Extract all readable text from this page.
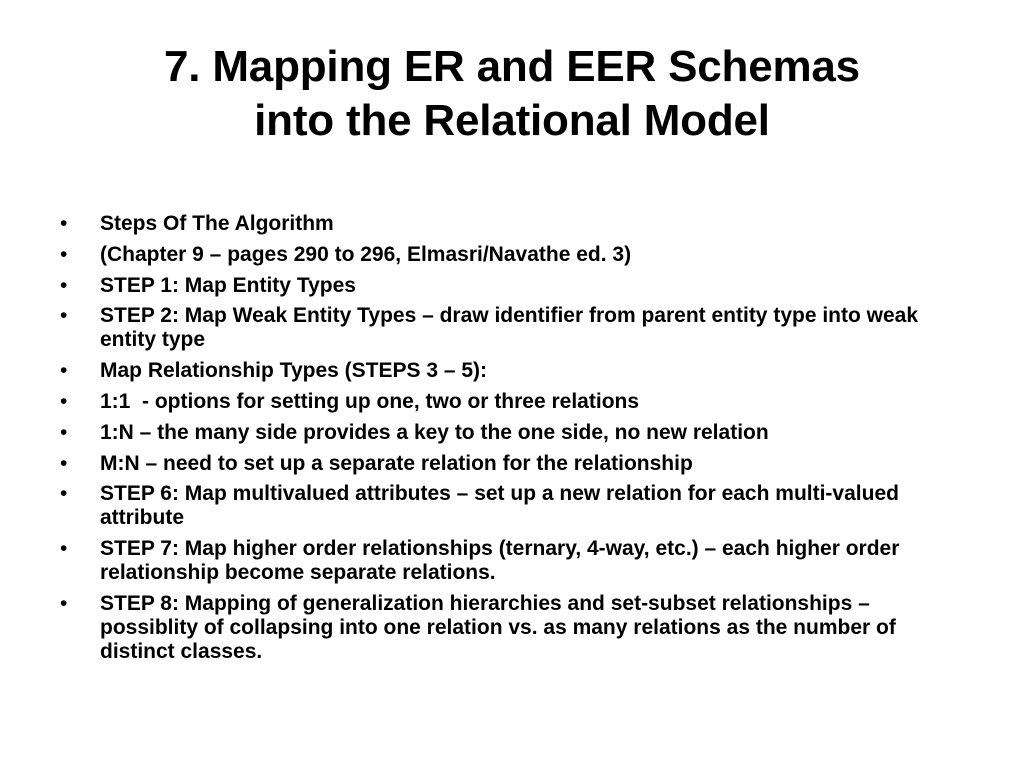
7. Mapping ER and EER Schemas
into the Relational Model
• Steps Of The Algorithm
• (Chapter 9 – pages 290 to 296, Elmasri/Navathe ed. 3)
• STEP 1: Map Entity Types
• STEP 2: Map Weak Entity Types – draw identifier from parent entity type into weak entity type
• Map Relationship Types (STEPS 3 – 5):
• 1:1  - options for setting up one, two or three relations
• 1:N – the many side provides a key to the one side, no new relation
• M:N – need to set up a separate relation for the relationship
• STEP 6: Map multivalued attributes – set up a new relation for each multi-valued attribute
• STEP 7: Map higher order relationships (ternary, 4-way, etc.) – each higher order relationship become separate relations.
• STEP 8: Mapping of generalization hierarchies and set-subset relationships – possiblity of collapsing into one relation vs. as many relations as the number of distinct classes.
